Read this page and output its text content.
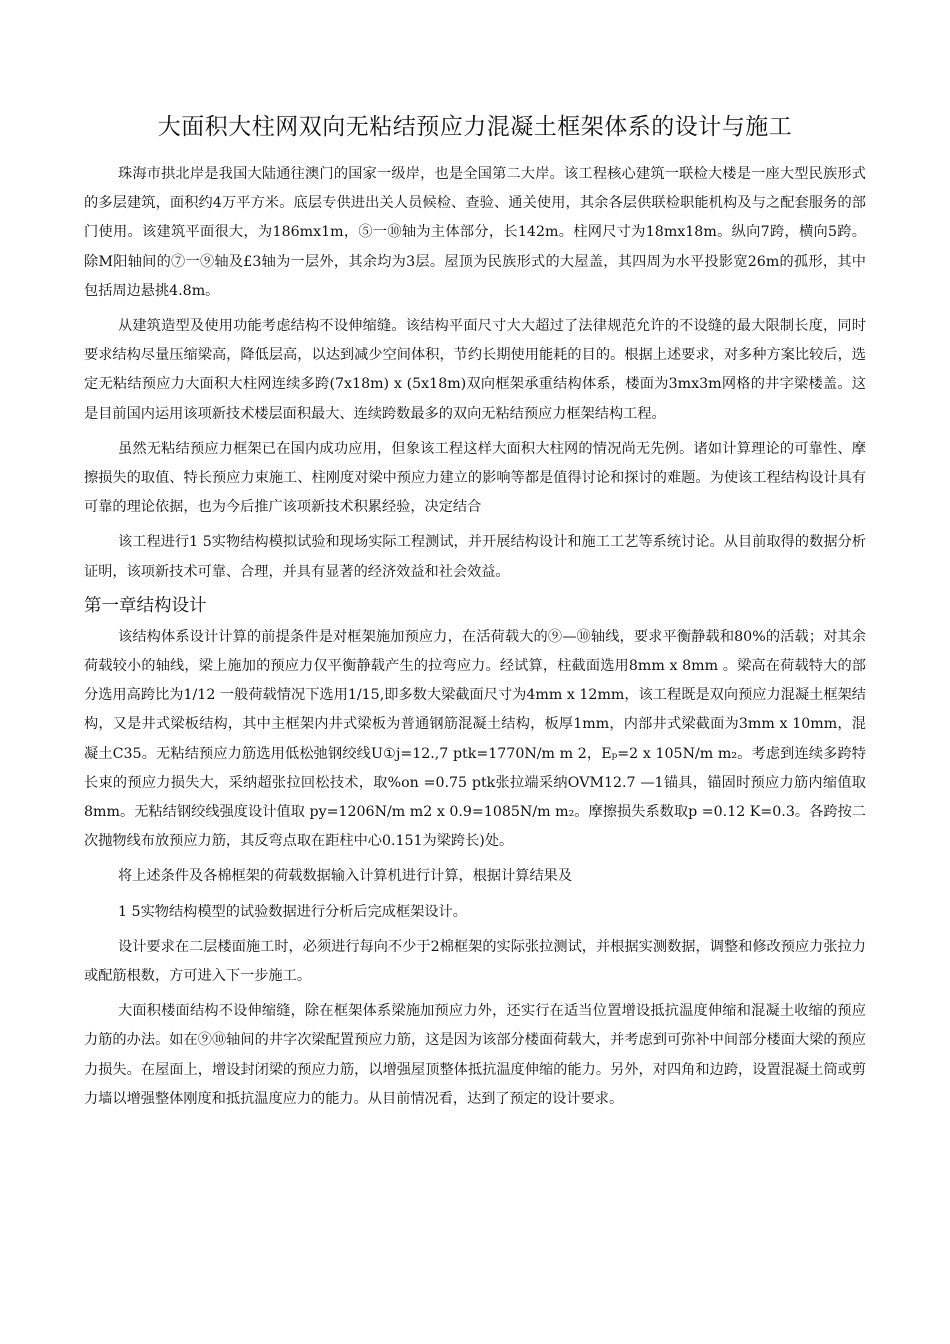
大面积大柱网双向无粘结预应力混凝土框架体系的设计与施工

珠海市拱北岸是我国大陆通往澳门的国家一级岸，也是全国第二大岸。该工程核心建筑一联检大楼是一座大型民族形式的多层建筑，面积约4万平方米。底层专供进出关人员候检、查验、通关使用，其余各层供联检职能机构及与之配套服务的部门使用。该建筑平面很大，为186mx1m，⑤一⑩轴为主体部分，长142m。柱网尺寸为18mx18m。纵向7跨，横向5跨。除M阳轴间的⑦一⑨轴及£3轴为一层外，其余均为3层。屋顶为民族形式的大屋盖，其四周为水平投影宽26m的孤形，其中包括周边悬挑4.8m。

从建筑造型及使用功能考虑结构不设伸缩缝。该结构平面尺寸大大超过了法律规范允许的不设缝的最大限制长度，同时要求结构尽量压缩梁高，降低层高，以达到减少空间体积，节约长期使用能耗的目的。根据上述要求，对多种方案比较后，选定无粘结预应力大面积大柱网连续多跨(7x18m) x (5x18m)双向框架承重结构体系，楼面为3mx3m网格的井字梁楼盖。这是目前国内运用该项新技术楼层面积最大、连续跨数最多的双向无粘结预应力框架结构工程。

虽然无粘结预应力框架已在国内成功应用，但象该工程这样大面积大柱网的情况尚无先例。诸如计算理论的可靠性、摩擦损失的取值、特长预应力束施工、柱刚度对梁中预应力建立的影响等都是值得讨论和探讨的难题。为使该工程结构设计具有可靠的理论依据，也为今后推广该项新技术积累经验，决定结合

该工程进行1 5实物结构模拟试验和现场实际工程测试，并开展结构设计和施工工艺等系统讨论。从目前取得的数据分析证明，该项新技术可靠、合理，并具有显著的经济效益和社会效益。

第一章结构设计

该结构体系设计计算的前提条件是对框架施加预应力，在活荷载大的⑨—⑩轴线，要求平衡静载和80%的活载；对其余荷载较小的轴线，梁上施加的预应力仅平衡静载产生的拉弯应力。经试算，柱截面选用8mm x 8mm 。梁高在荷载特大的部分选用高跨比为1/12 一般荷载情况下选用1/15,即多数大梁截面尺寸为4mm x 12mm，该工程既是双向预应力混凝土框架结构，又是井式梁板结构，其中主框架内井式梁板为普通钢筋混凝土结构，板厚1mm，内部井式梁截面为3mm x 10mm，混凝土C35。无粘结预应力筋选用低松弛钢绞线U①j=12.,7 ptk=1770N/m m 2，Eₚ=2 x 105N/m m₂。考虑到连续多跨特长束的预应力损失大，采纳超张拉回松技术，取%on =0.75 ptk张拉端采纳OVM12.7 —1锚具，锚固时预应力筋内缩值取8mm。无粘结钢绞线强度设计值取 py=1206N/m m2 x 0.9=1085N/m m₂。摩擦损失系数取p =0.12 K=0.3。各跨按二次抛物线布放预应力筋，其反弯点取在距柱中心0.151为梁跨长)处。

将上述条件及各棉框架的荷载数据输入计算机进行计算，根据计算结果及

1 5实物结构模型的试验数据进行分析后完成框架设计。

设计要求在二层楼面施工时，必须进行每向不少于2棉框架的实际张拉测试，并根据实测数据，调整和修改预应力张拉力或配筋根数，方可进入下一步施工。

大面积楼面结构不设伸缩缝，除在框架体系梁施加预应力外，还实行在适当位置增设抵抗温度伸缩和混凝土收缩的预应力筋的办法。如在⑨⑩轴间的井字次梁配置预应力筋，这是因为该部分楼面荷载大，并考虑到可弥补中间部分楼面大梁的预应力损失。在屋面上，增设封闭梁的预应力筋，以增强屋顶整体抵抗温度伸缩的能力。另外，对四角和边跨，设置混凝土筒或剪力墙以增强整体刚度和抵抗温度应力的能力。从目前情况看，达到了预定的设计要求。
